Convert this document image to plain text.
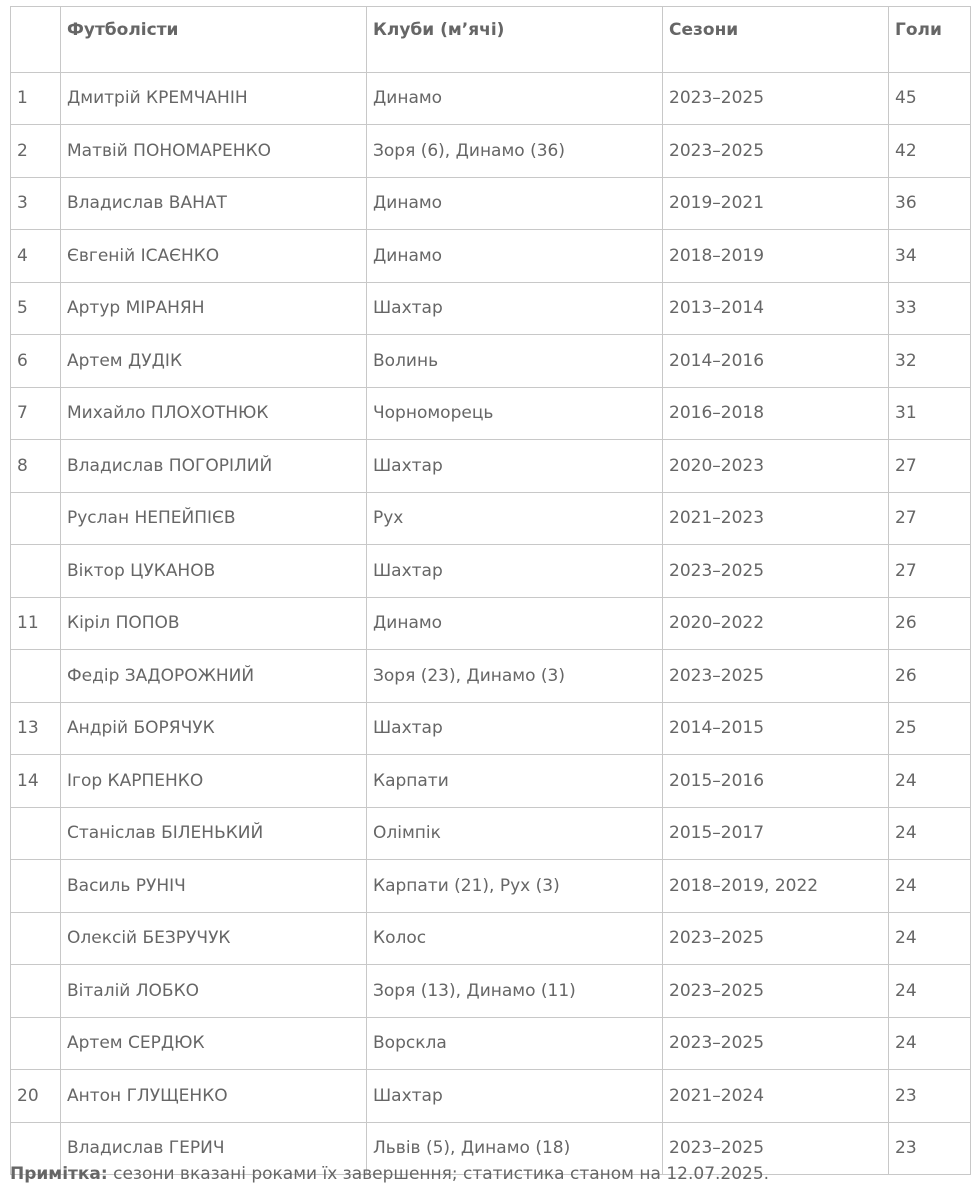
	Футболісти	Клуби (м’ячі)	Сезони	Голи
1	Дмитрій КРЕМЧАНІН	Динамо	2023–2025	45
2	Матвій ПОНОМАРЕНКО	Зоря (6), Динамо (36)	2023–2025	42
3	Владислав ВАНАТ	Динамо	2019–2021	36
4	Євгеній ІСАЄНКО	Динамо	2018–2019	34
5	Артур МІРАНЯН	Шахтар	2013–2014	33
6	Артем ДУДІК	Волинь	2014–2016	32
7	Михайло ПЛОХОТНЮК	Чорноморець	2016–2018	31
8	Владислав ПОГОРІЛИЙ	Шахтар	2020–2023	27
	Руслан НЕПЕЙПІЄВ	Рух	2021–2023	27
	Віктор ЦУКАНОВ	Шахтар	2023–2025	27
11	Кіріл ПОПОВ	Динамо	2020–2022	26
	Федір ЗАДОРОЖНИЙ	Зоря (23), Динамо (3)	2023–2025	26
13	Андрій БОРЯЧУК	Шахтар	2014–2015	25
14	Ігор КАРПЕНКО	Карпати	2015–2016	24
	Станіслав БІЛЕНЬКИЙ	Олімпік	2015–2017	24
	Василь РУНІЧ	Карпати (21), Рух (3)	2018–2019, 2022	24
	Олексій БЕЗРУЧУК	Колос	2023–2025	24
	Віталій ЛОБКО	Зоря (13), Динамо (11)	2023–2025	24
	Артем СЕРДЮК	Ворскла	2023–2025	24
20	Антон ГЛУЩЕНКО	Шахтар	2021–2024	23
	Владислав ГЕРИЧ	Львів (5), Динамо (18)	2023–2025	23
Примітка: сезони вказані роками їх завершення; статистика станом на 12.07.2025.
